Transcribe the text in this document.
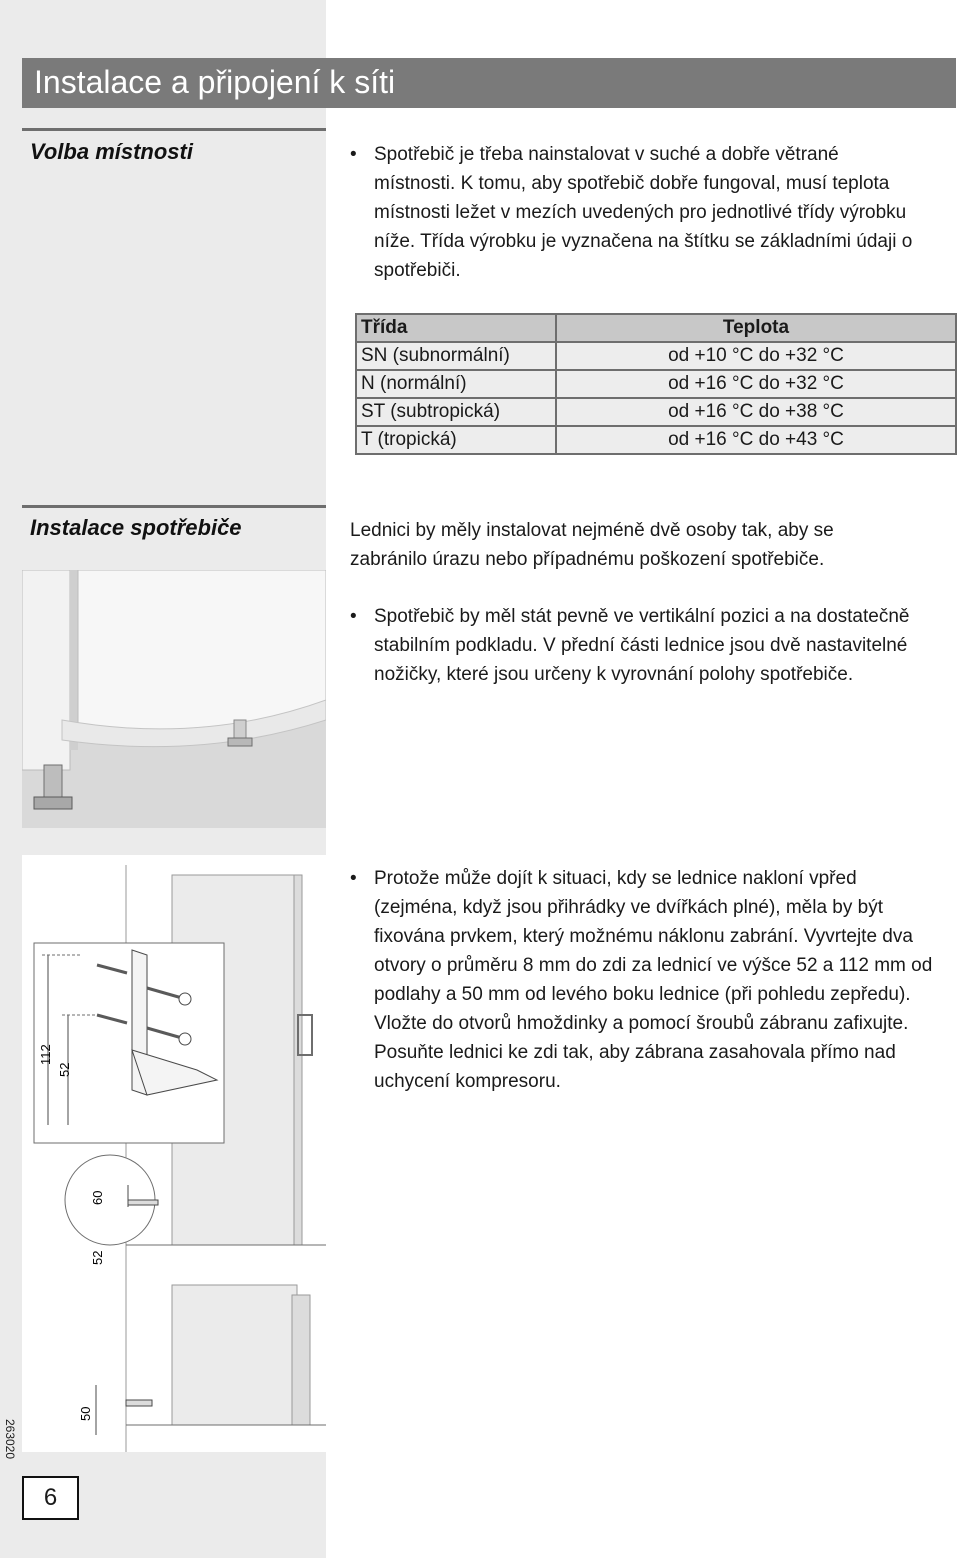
Instalace a připojení k síti
Volba místnosti	• Spotřebič je třeba nainstalovat v suché a dobře větrané místnosti. K tomu, aby spotřebič dobře fungoval, musí teplota místnosti ležet v mezích uvedených pro jednotlivé třídy výrobku níže. Třída výrobku je vyznačena na štítku se základními údaji o spotřebiči.
Třída	Teplota
SN (subnormální)	od +10 °C do +32 °C
N (normální)	od +16 °C do +32 °C
ST (subtropická)	od +16 °C do +38 °C
T (tropická)	od +16 °C do +43 °C
Instalace spotřebiče	Lednici by měly instalovat nejméně dvě osoby tak, aby se zabránilo úrazu nebo případnému poškození spotřebiče.
• Spotřebič by měl stát pevně ve vertikální pozici a na dostatečně stabilním podkladu. V přední části lednice jsou dvě nastavitelné nožičky, které jsou určeny k vyrovnání polohy spotřebiče.
• Protože může dojít k situaci, kdy se lednice nakloní vpřed (zejména, když jsou přihrádky ve dvířkách plné), měla by být fixována prvkem, který možnému náklonu zabrání. Vyvrtejte dva otvory o průměru 8 mm do zdi za lednicí ve výšce 52 a 112 mm od podlahy a 50 mm od levého boku lednice (při pohledu zepředu). Vložte do otvorů hmoždinky a pomocí šroubů zábranu zafixujte. Posuňte lednici ke zdi tak, aby zábrana zasahovala přímo nad uchycení kompresoru.
112
52
60
52
50
263020
6
